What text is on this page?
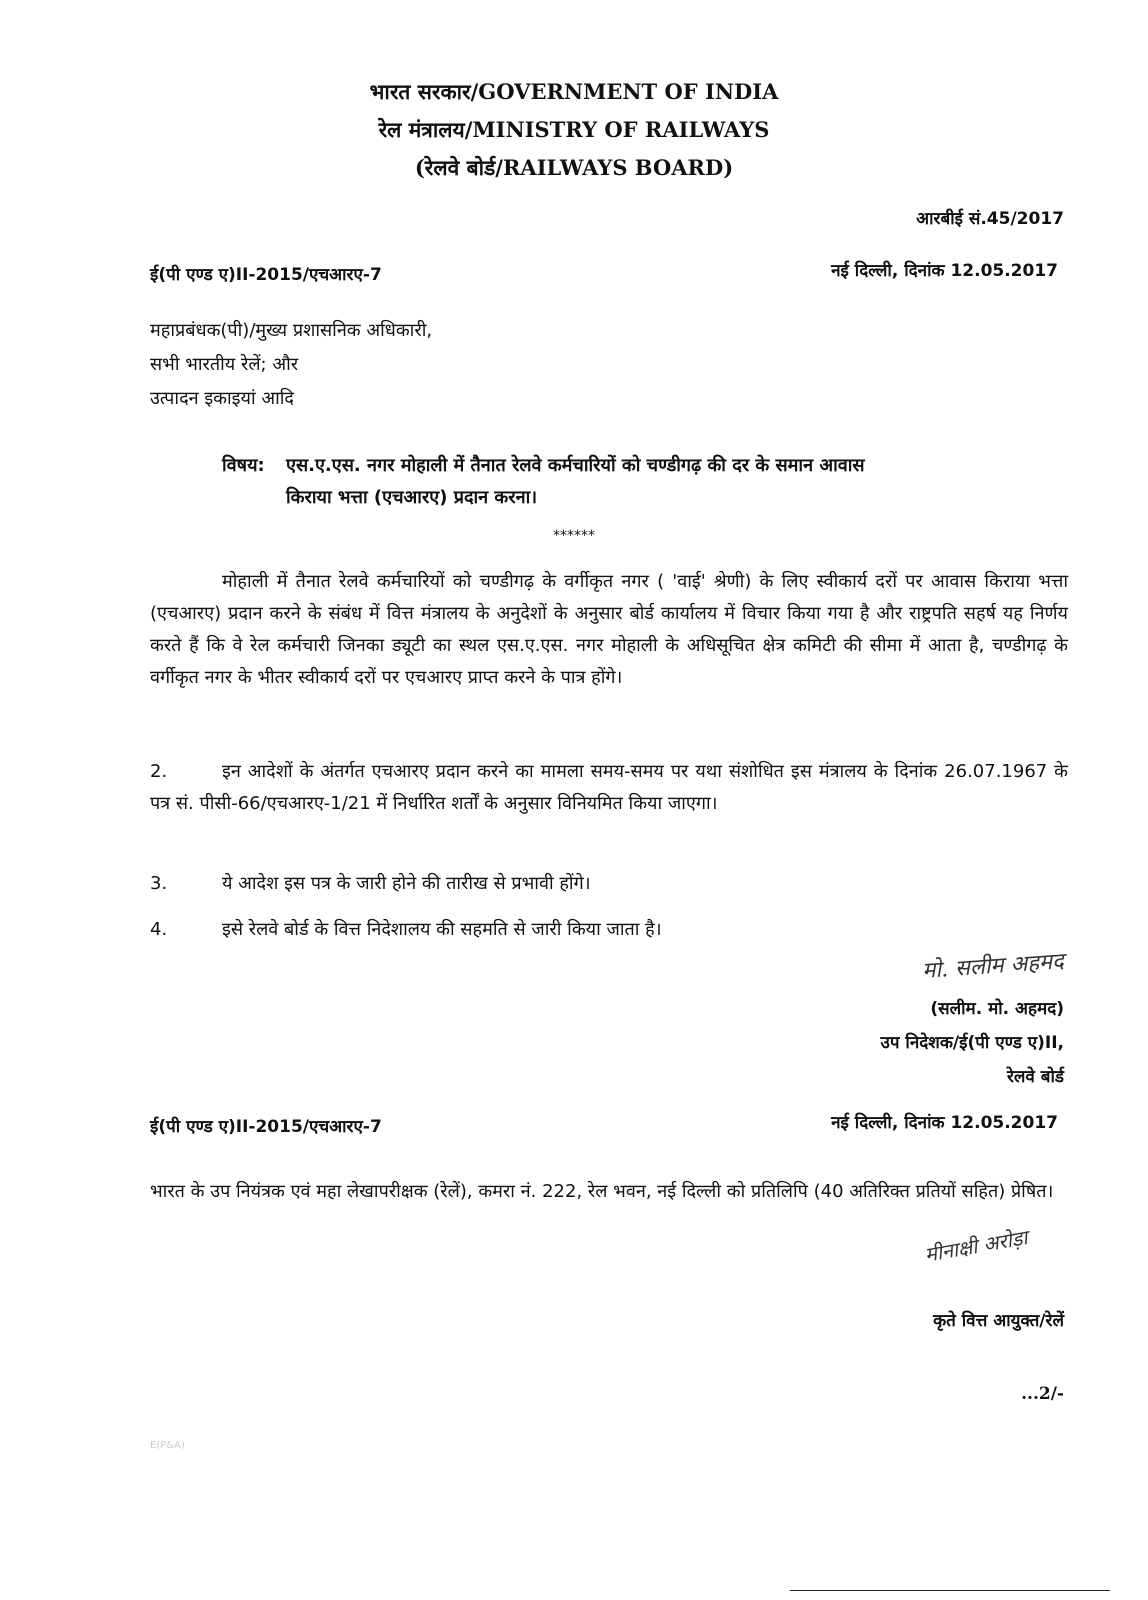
भारत सरकार/GOVERNMENT OF INDIA
रेल मंत्रालय/MINISTRY OF RAILWAYS
(रेलवे बोर्ड/RAILWAYS BOARD)
आरबीई सं.45/2017
ई(पी एण्ड ए)II-2015/एचआरए-7	नई दिल्ली, दिनांक 12.05.2017
महाप्रबंधक(पी)/मुख्य प्रशासनिक अधिकारी,
सभी भारतीय रेलें; और
उत्पादन इकाइयां आदि
विषय: एस.ए.एस. नगर मोहाली में तैनात रेलवे कर्मचारियों को चण्डीगढ़ की दर के समान आवास
किराया भत्ता (एचआरए) प्रदान करना।
******
मोहाली में तैनात रेलवे कर्मचारियों को चण्डीगढ़ के वर्गीकृत नगर ( 'वाई' श्रेणी) के लिए स्वीकार्य दरों पर आवास किराया भत्ता (एचआरए) प्रदान करने के संबंध में वित्त मंत्रालय के अनुदेशों के अनुसार बोर्ड कार्यालय में विचार किया गया है और राष्ट्रपति सहर्ष यह निर्णय करते हैं कि वे रेल कर्मचारी जिनका ड्यूटी का स्थल एस.ए.एस. नगर मोहाली के अधिसूचित क्षेत्र कमिटी की सीमा में आता है, चण्डीगढ़ के वर्गीकृत नगर के भीतर स्वीकार्य दरों पर एचआरए प्राप्त करने के पात्र होंगे।
2.	इन आदेशों के अंतर्गत एचआरए प्रदान करने का मामला समय-समय पर यथा संशोधित इस मंत्रालय के दिनांक 26.07.1967 के पत्र सं. पीसी-66/एचआरए-1/21 में निर्धारित शर्तों के अनुसार विनियमित किया जाएगा।
3.	ये आदेश इस पत्र के जारी होने की तारीख से प्रभावी होंगे।
4.	इसे रेलवे बोर्ड के वित्त निदेशालय की सहमति से जारी किया जाता है।
मो. सलीम अहमद
(सलीम. मो. अहमद)
उप निदेशक/ई(पी एण्ड ए)II,
रेलवे बोर्ड
ई(पी एण्ड ए)II-2015/एचआरए-7	नई दिल्ली, दिनांक 12.05.2017
भारत के उप नियंत्रक एवं महा लेखापरीक्षक (रेलें), कमरा नं. 222, रेल भवन, नई दिल्ली को प्रतिलिपि (40 अतिरिक्त प्रतियों सहित) प्रेषित।
मीनाक्षी अरोड़ा
कृते वित्त आयुक्त/रेलें
...2/-
E(P&A)
